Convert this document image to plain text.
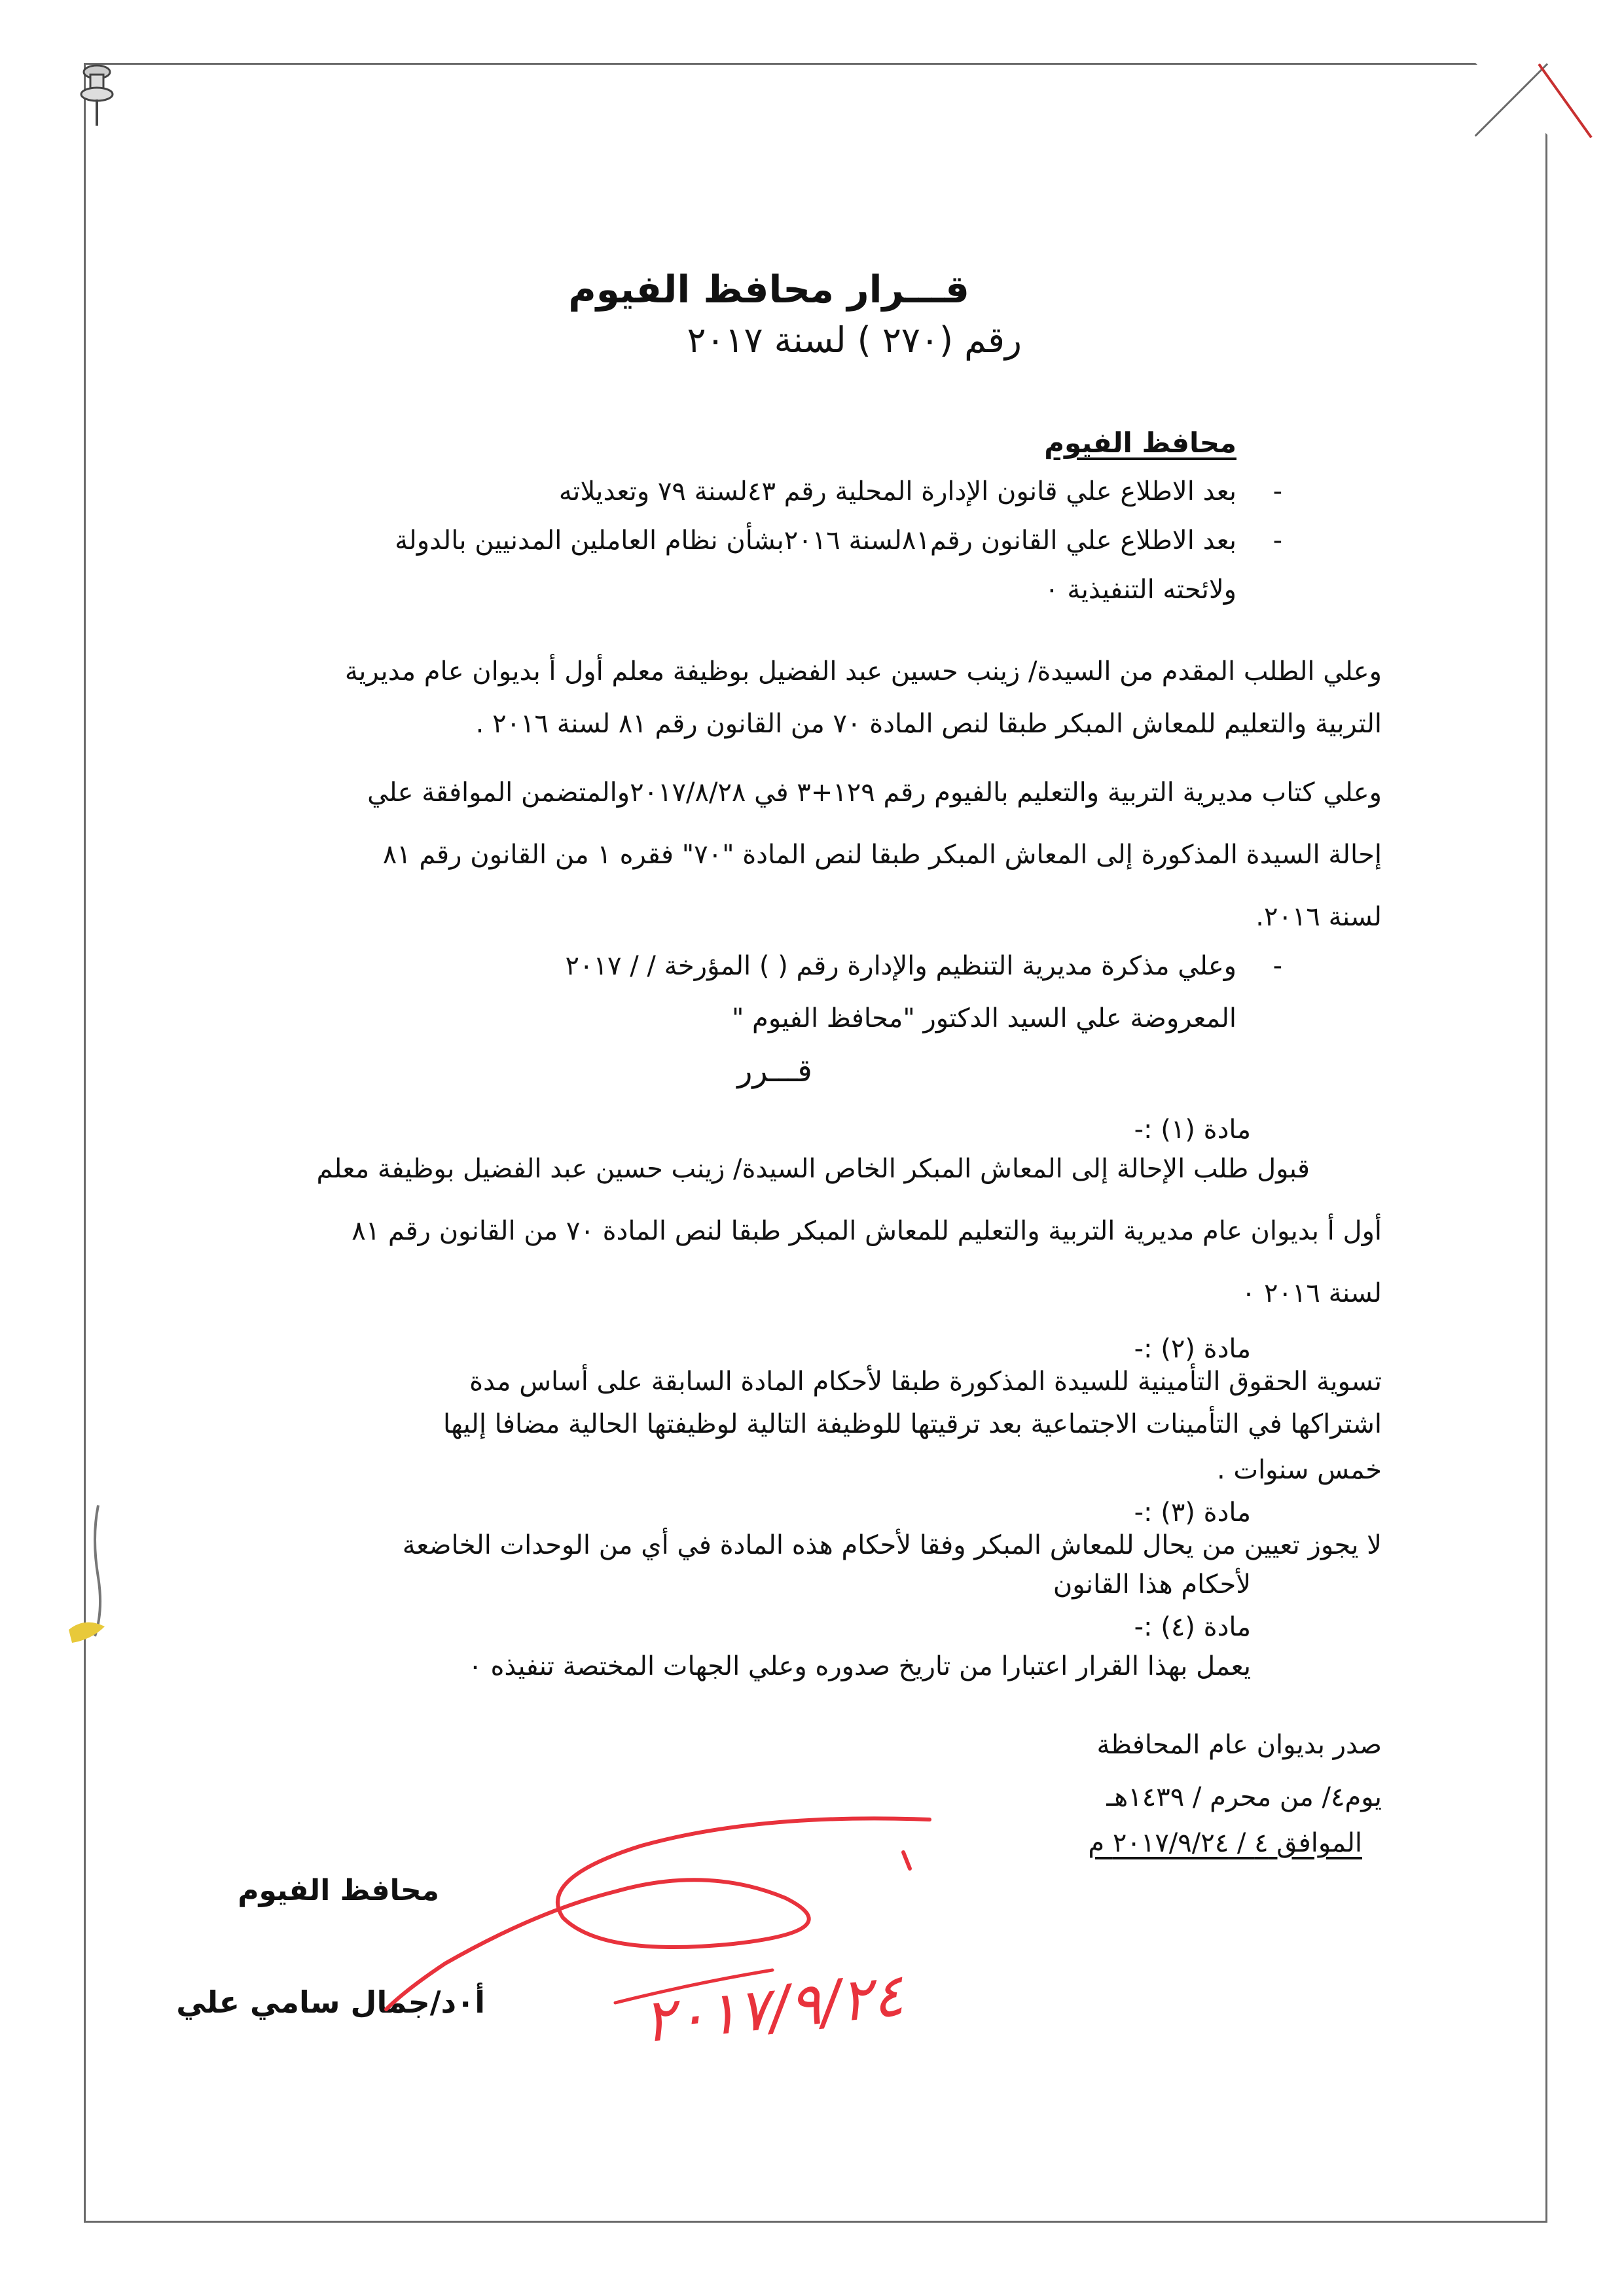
قـــرار محافظ الفيوم
رقم (٢٧٠ ) لسنة ٢٠١٧
محافظ الفيوم
- بعد الاطلاع علي قانون الإدارة المحلية رقم ٤٣لسنة ٧٩ وتعديلاته
- بعد الاطلاع علي القانون رقم٨١لسنة ٢٠١٦بشأن نظام العاملين المدنيين بالدولة
ولائحته التنفيذية ٠
وعلي الطلب المقدم من السيدة/ زينب حسين عبد الفضيل بوظيفة معلم أول أ بديوان عام مديرية
التربية والتعليم للمعاش المبكر طبقا لنص المادة ٧٠ من القانون رقم ٨١ لسنة ٢٠١٦ .
وعلي كتاب مديرية التربية والتعليم بالفيوم رقم ١٢٩+٣ في ٢٠١٧/٨/٢٨والمتضمن الموافقة علي
إحالة السيدة المذكورة إلى المعاش المبكر طبقا لنص المادة "٧٠" فقره ١ من القانون رقم ٨١
لسنة ٢٠١٦.
- وعلي مذكرة مديرية التنظيم والإدارة رقم ( ) المؤرخة / / ٢٠١٧
المعروضة علي السيد الدكتور "محافظ الفيوم "
قـــرر
مادة (١) :-
قبول طلب الإحالة إلى المعاش المبكر الخاص السيدة/ زينب حسين عبد الفضيل بوظيفة معلم
أول أ بديوان عام مديرية التربية والتعليم للمعاش المبكر طبقا لنص المادة ٧٠ من القانون رقم ٨١
لسنة ٢٠١٦ ٠
مادة (٢) :-
تسوية الحقوق التأمينية للسيدة المذكورة طبقا لأحكام المادة السابقة على أساس مدة
اشتراكها في التأمينات الاجتماعية بعد ترقيتها للوظيفة التالية لوظيفتها الحالية مضافا إليها
خمس سنوات .
مادة (٣) :-
لا يجوز تعيين من يحال للمعاش المبكر وفقا لأحكام هذه المادة في أي من الوحدات الخاضعة
لأحكام هذا القانون
مادة (٤) :-
يعمل بهذا القرار اعتبارا من تاريخ صدوره وعلي الجهات المختصة تنفيذه ٠
صدر بديوان عام المحافظة
يوم٤/ من محرم / ١٤٣٩هـ
الموافق ٤ / ٢٠١٧/٩/٢٤ م
محافظ الفيوم
أ٠د/جمال سامي علي	٢٠١٧/٩/٢٤
